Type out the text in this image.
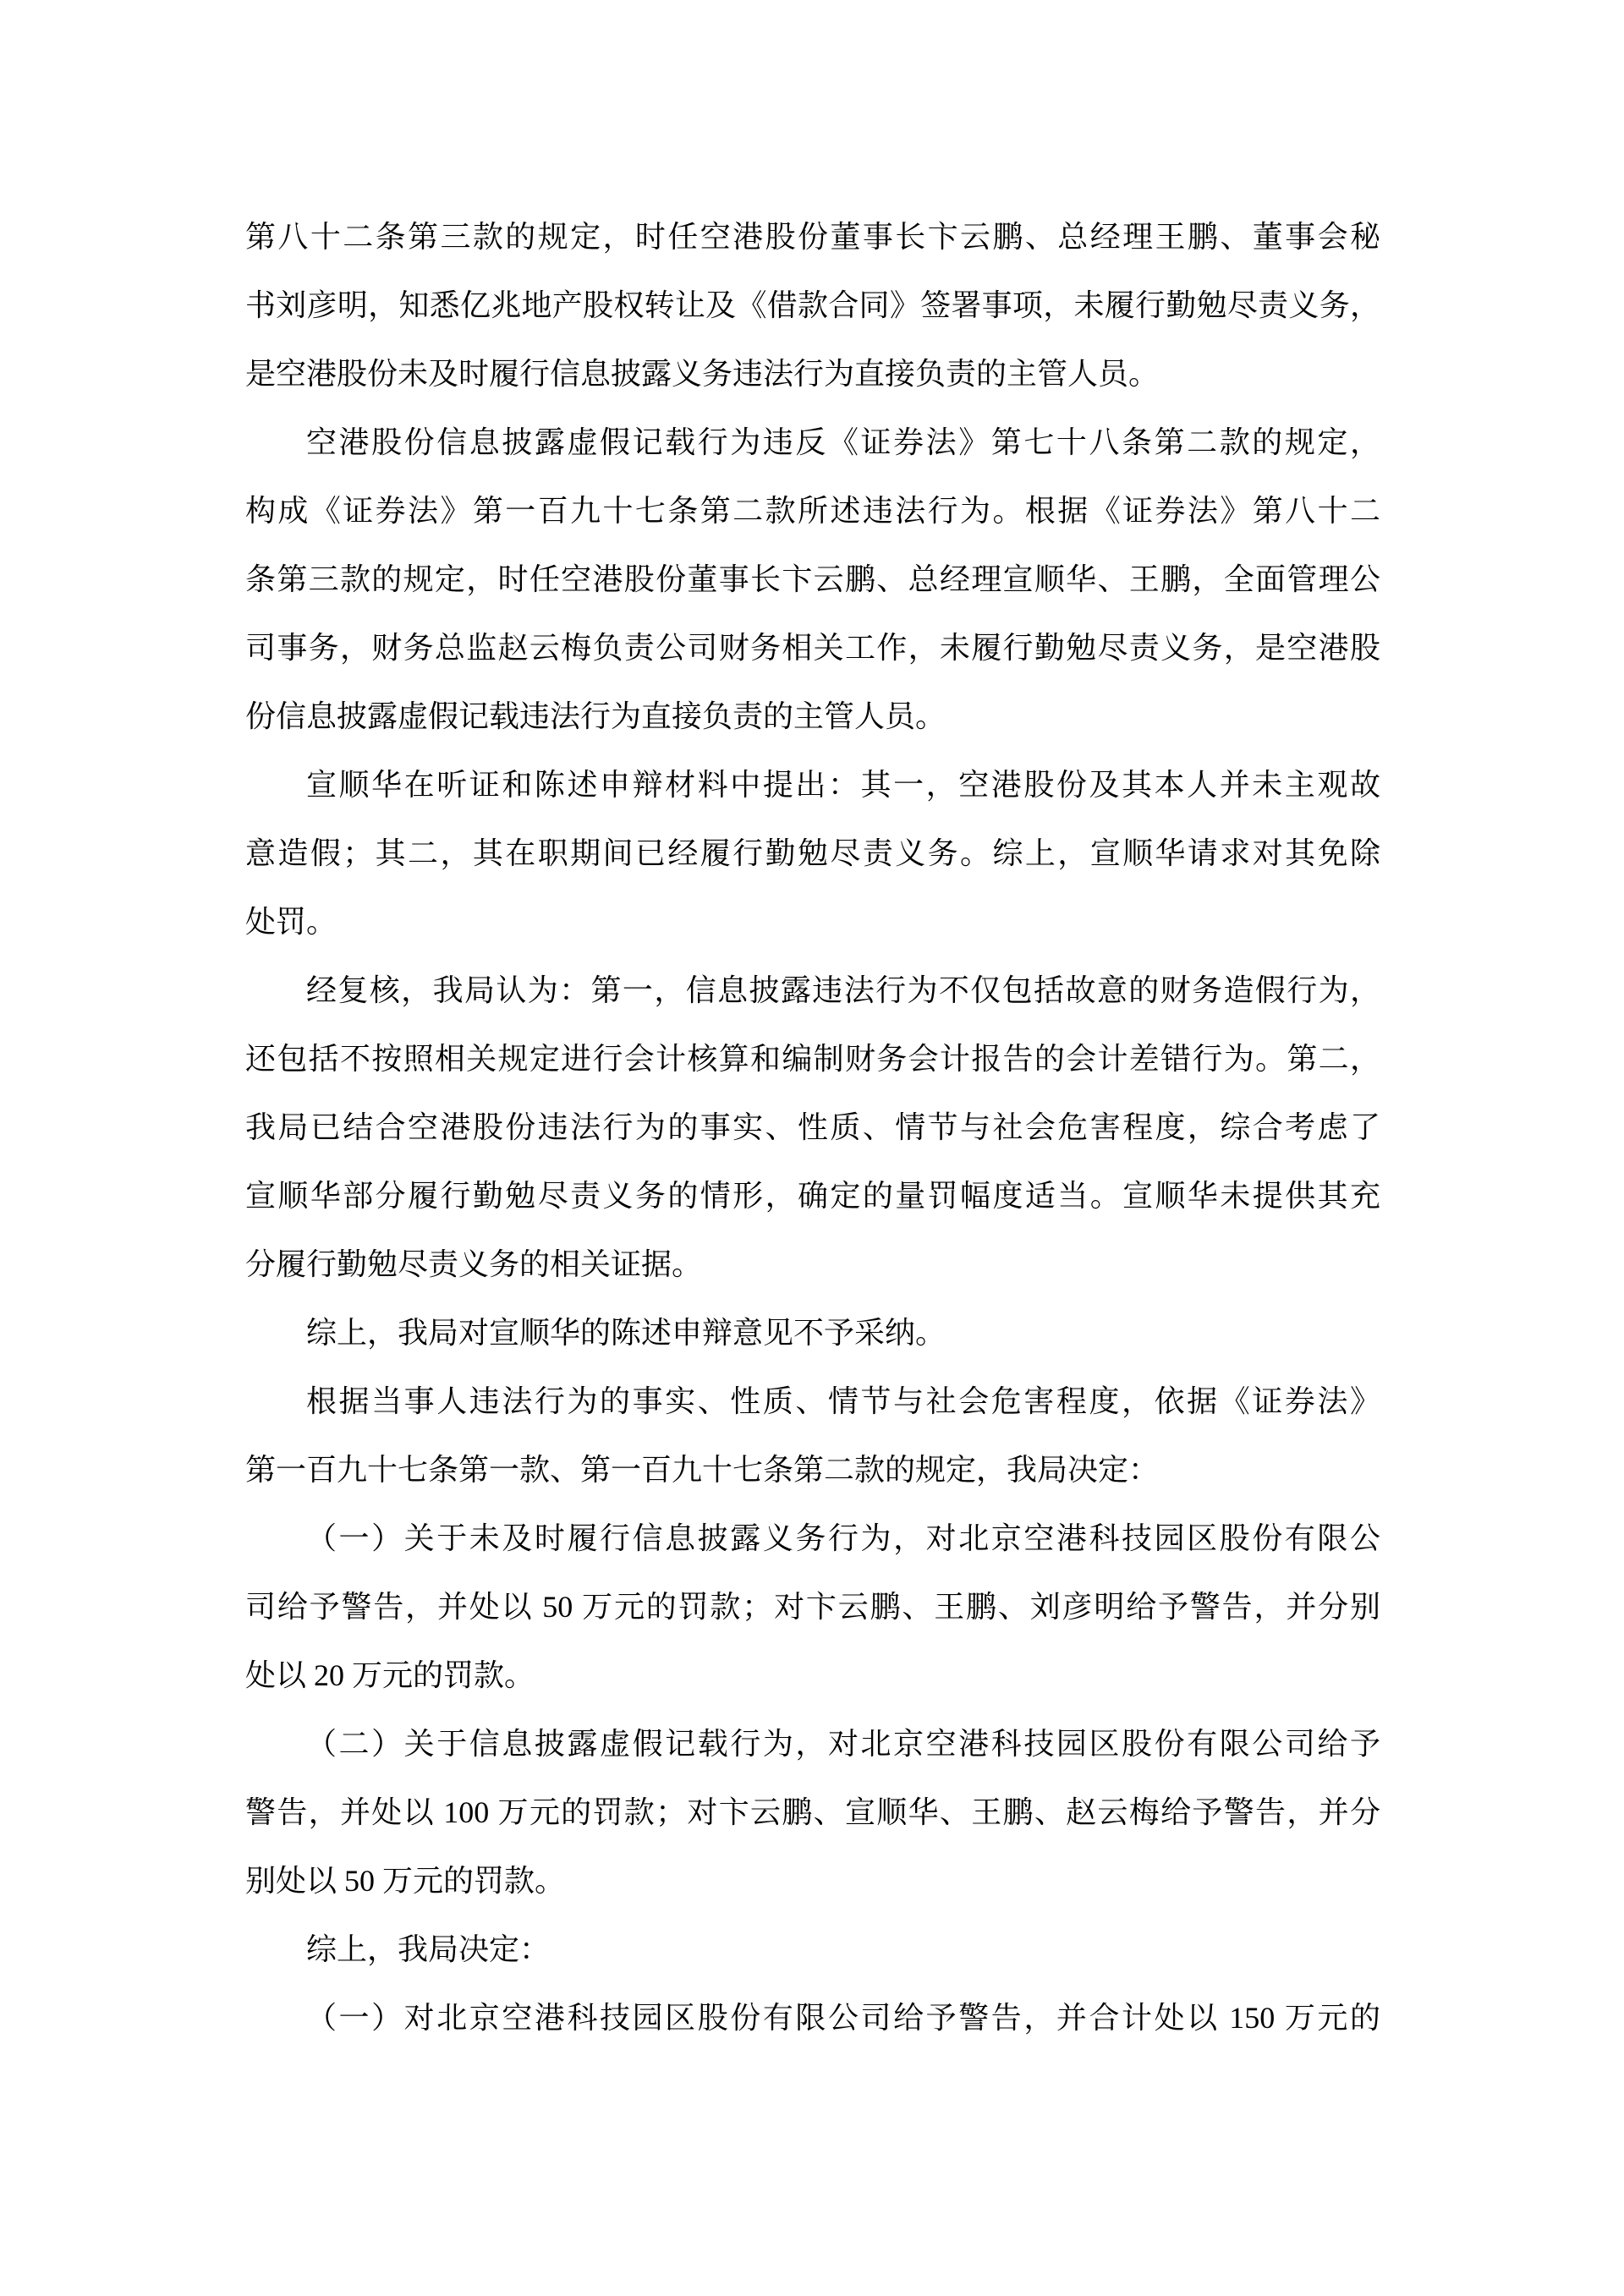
第八十二条第三款的规定，时任空港股份董事长卞云鹏、总经理王鹏、董事会秘
书刘彦明，知悉亿兆地产股权转让及《借款合同》签署事项，未履行勤勉尽责义务，
是空港股份未及时履行信息披露义务违法行为直接负责的主管人员。
空港股份信息披露虚假记载行为违反《证券法》第七十八条第二款的规定，
构成《证券法》第一百九十七条第二款所述违法行为。根据《证券法》第八十二
条第三款的规定，时任空港股份董事长卞云鹏、总经理宣顺华、王鹏，全面管理公
司事务，财务总监赵云梅负责公司财务相关工作，未履行勤勉尽责义务，是空港股
份信息披露虚假记载违法行为直接负责的主管人员。
宣顺华在听证和陈述申辩材料中提出：其一，空港股份及其本人并未主观故
意造假；其二，其在职期间已经履行勤勉尽责义务。综上，宣顺华请求对其免除
处罚。
经复核，我局认为：第一，信息披露违法行为不仅包括故意的财务造假行为，
还包括不按照相关规定进行会计核算和编制财务会计报告的会计差错行为。第二，
我局已结合空港股份违法行为的事实、性质、情节与社会危害程度，综合考虑了
宣顺华部分履行勤勉尽责义务的情形，确定的量罚幅度适当。宣顺华未提供其充
分履行勤勉尽责义务的相关证据。
综上，我局对宣顺华的陈述申辩意见不予采纳。
根据当事人违法行为的事实、性质、情节与社会危害程度，依据《证券法》
第一百九十七条第一款、第一百九十七条第二款的规定，我局决定：
（一）关于未及时履行信息披露义务行为，对北京空港科技园区股份有限公
司给予警告，并处以 50 万元的罚款；对卞云鹏、王鹏、刘彦明给予警告，并分别
处以 20 万元的罚款。
（二）关于信息披露虚假记载行为，对北京空港科技园区股份有限公司给予
警告，并处以 100 万元的罚款；对卞云鹏、宣顺华、王鹏、赵云梅给予警告，并分
别处以 50 万元的罚款。
综上，我局决定：
（一）对北京空港科技园区股份有限公司给予警告，并合计处以 150 万元的
